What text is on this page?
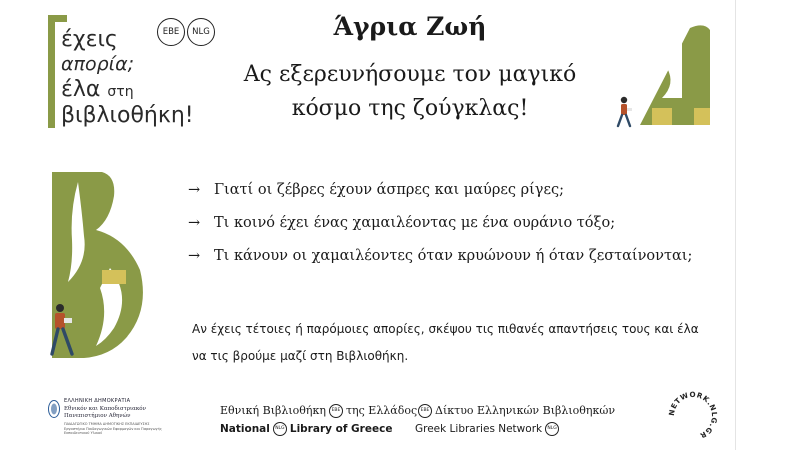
έχεις
απορία;
έλα στη
βιβλιοθήκη!
EBE	NLG	Άγρια Ζωή
Ας εξερευνήσουμε τον μαγικό
κόσμο της ζούγκλας!
→ Γιατί οι ζέβρες έχουν άσπρες και μαύρες ρίγες;
→ Τι κοινό έχει ένας χαμαιλέοντας με ένα ουράνιο τόξο;
→ Τι κάνουν οι χαμαιλέοντες όταν κρυώνουν ή όταν ζεσταίνονται;
Αν έχεις τέτοιες ή παρόμοιες απορίες, σκέψου τις πιθανές απαντήσεις τους και έλα
να τις βρούμε μαζί στη Βιβλιοθήκη.
ΕΛΛΗΝΙΚΗ ΔΗΜΟΚΡΑΤΙΑ
Εθνικόν και Καποδιστριακόν Πανεπιστήμιον Αθηνών
ΠΑΙΔΑΓΩΓΙΚΟ ΤΜΗΜΑ ΔΗΜΟΤΙΚΗΣ ΕΚΠΑΙΔΕΥΣΗΣ Εργαστήριο Παιδαγωγικών Εφαρμογών και Παραγωγής Εκπαιδευτικού Υλικού
Εθνική Βιβλιοθήκη EBE της Ελλάδος
National NLG Library of Greece
EBE Δίκτυο Ελληνικών Βιβλιοθηκών
Greek Libraries Network NLG
NETWORK.NLG.GR
